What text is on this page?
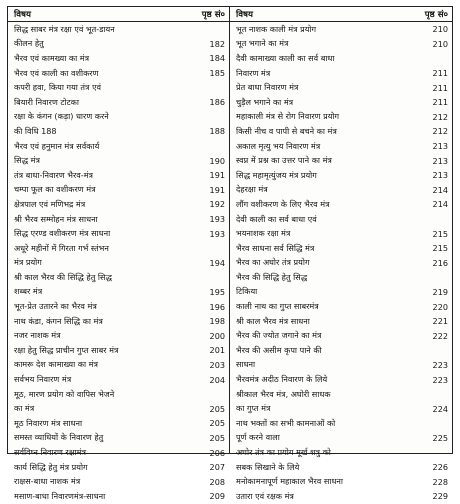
विषय	पृष्ठ सं०
सिद्ध साबर मंत्र रक्षा एवं भूत-डायन
कीलन हेतु	182
भैरव एवं कामख्या का मंत्र	184
भैरव एवं काली का वशीकरण	185
कपरी हवा, किया गया तंत्र एवं
बियारी निवारण टोटका	186
रक्षा के कंगन (कड़ा) धारण करने
की विधि 188	188
भैरव एवं हनुमान मंत्र सर्वकार्य
सिद्ध मंत्र	190
तंत्र बाधा-निवारण भैरव-मंत्र	191
चम्पा फूल का वशीकरण मंत्र	191
क्षेत्रपाल एवं मणिभद्र मंत्र	192
श्री भैरव सम्मोहन मंत्र साधना	193
सिद्ध एरण्ड वशीकरण मंत्र साधना	193
अधूरे महीनों में गिरता गर्भ स्तंभन
मंत्र प्रयोग	194
श्री काल भैरव की सिद्धि हेतु सिद्ध
शब्बर मंत्र	195
भूत-प्रेत उतारने का भैरव मंत्र	196
नाथ कंडा, कंगन सिद्धि का मंत्र	198
नजर नाशक मंत्र	200
रक्षा हेतु सिद्ध प्राचीन गुप्त साबर मंत्र	201
कामरू देश कामाख्या का मंत्र	203
सर्वभय निवारण मंत्र	204
मूठ, मारण प्रयोग को वापिस भेजने
का मंत्र	205
मूठ निवारण मंत्र साधना	205
समस्त व्याधियों के निवारण हेतु	205
सर्वविघ्न निवारण रक्षामंत्र	206
कार्य सिद्धि हेतु मंत्र प्रयोग	207
राक्षस-बाधा नाशक मंत्र	208
मसाण-बाधा निवारणमंत्र-साधना	209
विषय	पृष्ठ सं०
भूत नाशक काली मंत्र प्रयोग	210
भूत भगाने का मंत्र	210
दैवी कामाख्या काली का सर्व बाधा
निवारण मंत्र	211
प्रेत बाधा निवारण मंत्र	211
चुड़ैल भगाने का मंत्र	211
महाकाली मंत्र से रोग निवारण प्रयोग	212
किसी नीच व पापी से बचने का मंत्र	212
अकाल मृत्यु भय निवारण मंत्र	213
स्वप्न में प्रश्न का उत्तर पाने का मंत्र	213
सिद्ध महामृत्युंजय मंत्र प्रयोग	213
देहरक्षा मंत्र	214
लौंग वशीकरण के लिए भैरव मंत्र	214
देवी काली का सर्व बाधा एवं
भयनाशक रक्षा मंत्र	215
भैरव साधना सर्व सिद्धि मंत्र	215
भैरव का अघोर तंत्र प्रयोग	216
भैरव की सिद्धि हेतु सिद्ध
टिकिया	219
काली नाथ का गुप्त साबरमंत्र	220
श्री काल भैरव मंत्र साधना	221
भैरव की ज्योत जगाने का मंत्र	222
भैरव की असीम कृपा पाने की
साधना	223
भैरवमंत्र अदीठ निवारण के लिये	223
श्रीकाल भैरव मंत्र, अघोरी साधक
का गुप्त मंत्र	224
नाथ भक्तों का सभी कामनाओं को
पूर्ण करने वाला	225
अघोर तंत्र का प्रयोग मूर्ख शत्रु को
सबक सिखाने के लिये	226
मनोकामनापूर्ण महाकाल भैरव साधना	228
उतारा एवं रक्षक मंत्र	229
